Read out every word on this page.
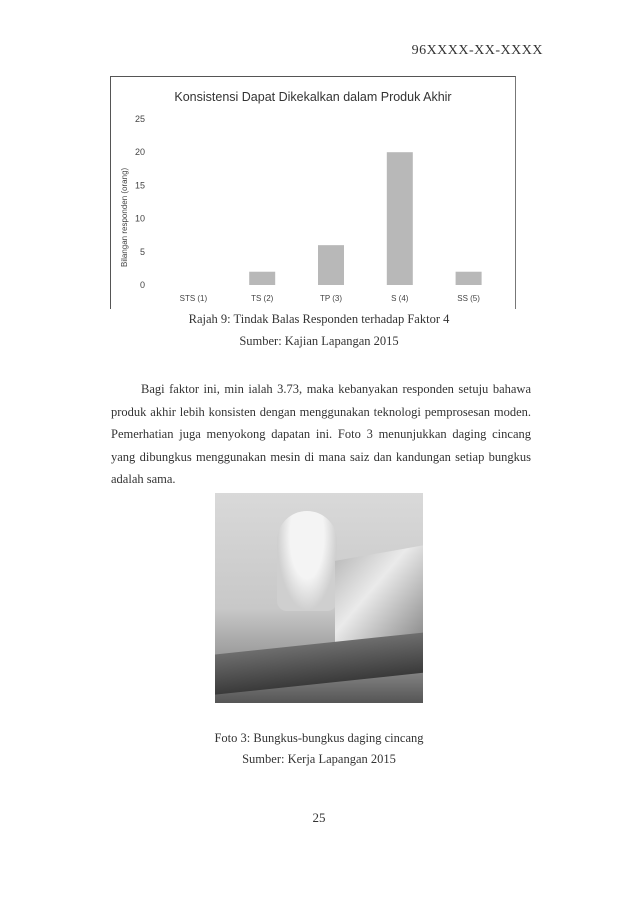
96XXXX-XX-XXXX
Konsistensi Dapat Dikekalkan dalam Produk Akhir
Bilangan responden (orang)
0
5
10
15
20
25
STS (1)	TS (2)	TP (3)	S (4)	SS (5)
Rajah 9: Tindak Balas Responden terhadap Faktor 4
Sumber: Kajian Lapangan 2015

Bagi faktor ini, min ialah 3.73, maka kebanyakan responden setuju bahawa produk akhir lebih konsisten dengan menggunakan teknologi pemprosesan moden. Pemerhatian juga menyokong dapatan ini. Foto 3 menunjukkan daging cincang yang dibungkus menggunakan mesin di mana saiz dan kandungan setiap bungkus adalah sama.

Foto 3: Bungkus-bungkus daging cincang
Sumber: Kerja Lapangan 2015
25
